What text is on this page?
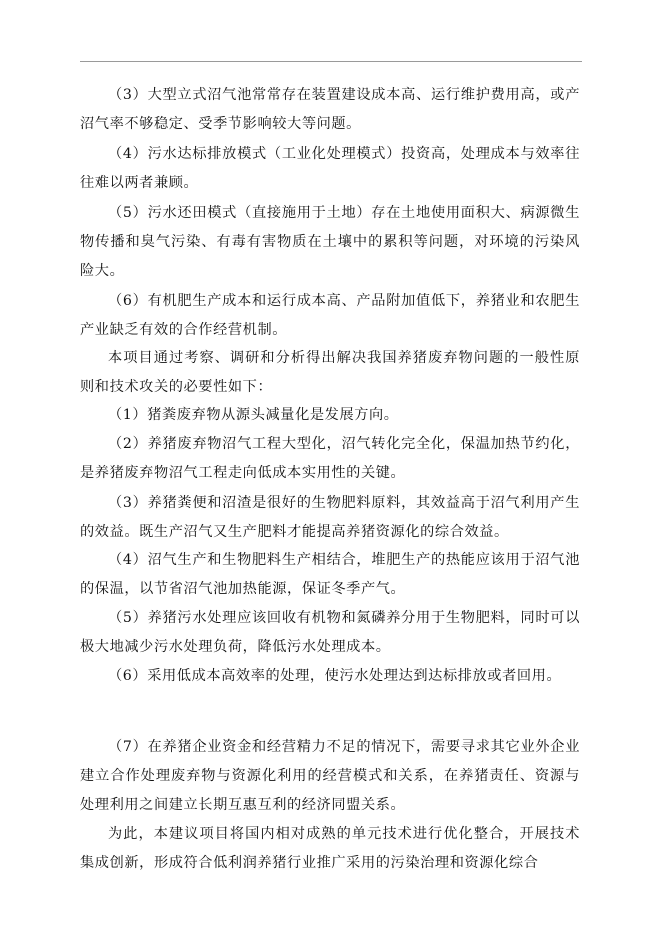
（3）大型立式沼气池常常存在装置建设成本高、运行维护费用高，或产沼气率不够稳定、受季节影响较大等问题。

（4）污水达标排放模式（工业化处理模式）投资高，处理成本与效率往往难以两者兼顾。

（5）污水还田模式（直接施用于土地）存在土地使用面积大、病源微生物传播和臭气污染、有毒有害物质在土壤中的累积等问题，对环境的污染风险大。

（6）有机肥生产成本和运行成本高、产品附加值低下，养猪业和农肥生产业缺乏有效的合作经营机制。

本项目通过考察、调研和分析得出解决我国养猪废弃物问题的一般性原则和技术攻关的必要性如下：

（1）猪粪废弃物从源头减量化是发展方向。

（2）养猪废弃物沼气工程大型化，沼气转化完全化，保温加热节约化，是养猪废弃物沼气工程走向低成本实用性的关键。

（3）养猪粪便和沼渣是很好的生物肥料原料，其效益高于沼气利用产生的效益。既生产沼气又生产肥料才能提高养猪资源化的综合效益。

（4）沼气生产和生物肥料生产相结合，堆肥生产的热能应该用于沼气池的保温，以节省沼气池加热能源，保证冬季产气。

（5）养猪污水处理应该回收有机物和氮磷养分用于生物肥料，同时可以极大地减少污水处理负荷，降低污水处理成本。

（6）采用低成本高效率的处理，使污水处理达到达标排放或者回用。

（7）在养猪企业资金和经营精力不足的情况下，需要寻求其它业外企业建立合作处理废弃物与资源化利用的经营模式和关系，在养猪责任、资源与处理利用之间建立长期互惠互利的经济同盟关系。

为此，本建议项目将国内相对成熟的单元技术进行优化整合，开展技术集成创新，形成符合低利润养猪行业推广采用的污染治理和资源化综合
